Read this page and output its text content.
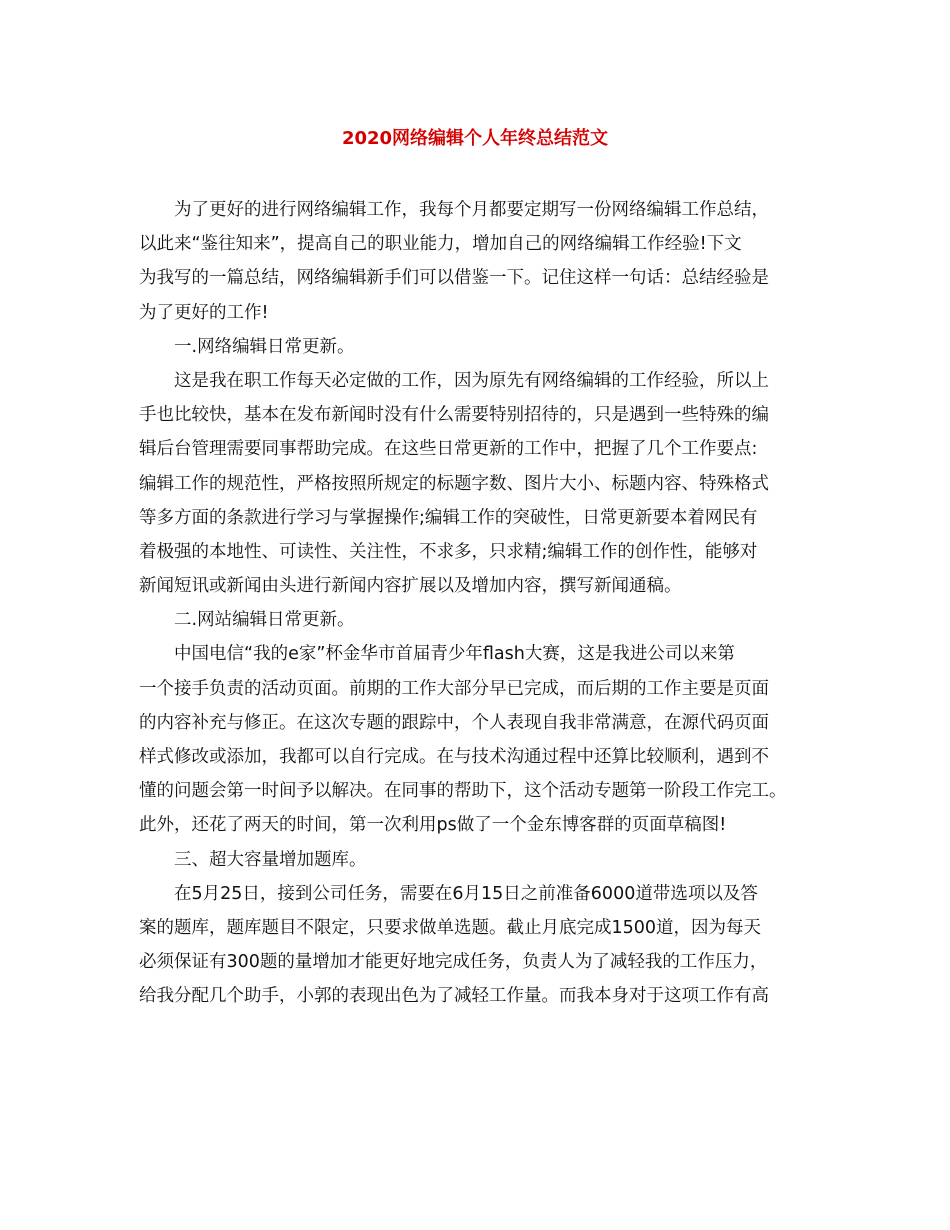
2020网络编辑个人年终总结范文
为了更好的进行网络编辑工作，我每个月都要定期写一份网络编辑工作总结，
以此来“鉴往知来”，提高自己的职业能力，增加自己的网络编辑工作经验!下文
为我写的一篇总结，网络编辑新手们可以借鉴一下。记住这样一句话：总结经验是
为了更好的工作!
一.网络编辑日常更新。
这是我在职工作每天必定做的工作，因为原先有网络编辑的工作经验，所以上
手也比较快，基本在发布新闻时没有什么需要特别招待的，只是遇到一些特殊的编
辑后台管理需要同事帮助完成。在这些日常更新的工作中，把握了几个工作要点:
编辑工作的规范性，严格按照所规定的标题字数、图片大小、标题内容、特殊格式
等多方面的条款进行学习与掌握操作;编辑工作的突破性，日常更新要本着网民有
着极强的本地性、可读性、关注性，不求多，只求精;编辑工作的创作性，能够对
新闻短讯或新闻由头进行新闻内容扩展以及增加内容，撰写新闻通稿。
二.网站编辑日常更新。
中国电信“我的e家”杯金华市首届青少年flash大赛，这是我进公司以来第
一个接手负责的活动页面。前期的工作大部分早已完成，而后期的工作主要是页面
的内容补充与修正。在这次专题的跟踪中，个人表现自我非常满意，在源代码页面
样式修改或添加，我都可以自行完成。在与技术沟通过程中还算比较顺利，遇到不
懂的问题会第一时间予以解决。在同事的帮助下，这个活动专题第一阶段工作完工。
此外，还花了两天的时间，第一次利用ps做了一个金东博客群的页面草稿图!
三、超大容量增加题库。
在5月25日，接到公司任务，需要在6月15日之前准备6000道带选项以及答
案的题库，题库题目不限定，只要求做单选题。截止月底完成1500道，因为每天
必须保证有300题的量增加才能更好地完成任务，负责人为了减轻我的工作压力，
给我分配几个助手，小郭的表现出色为了减轻工作量。而我本身对于这项工作有高
